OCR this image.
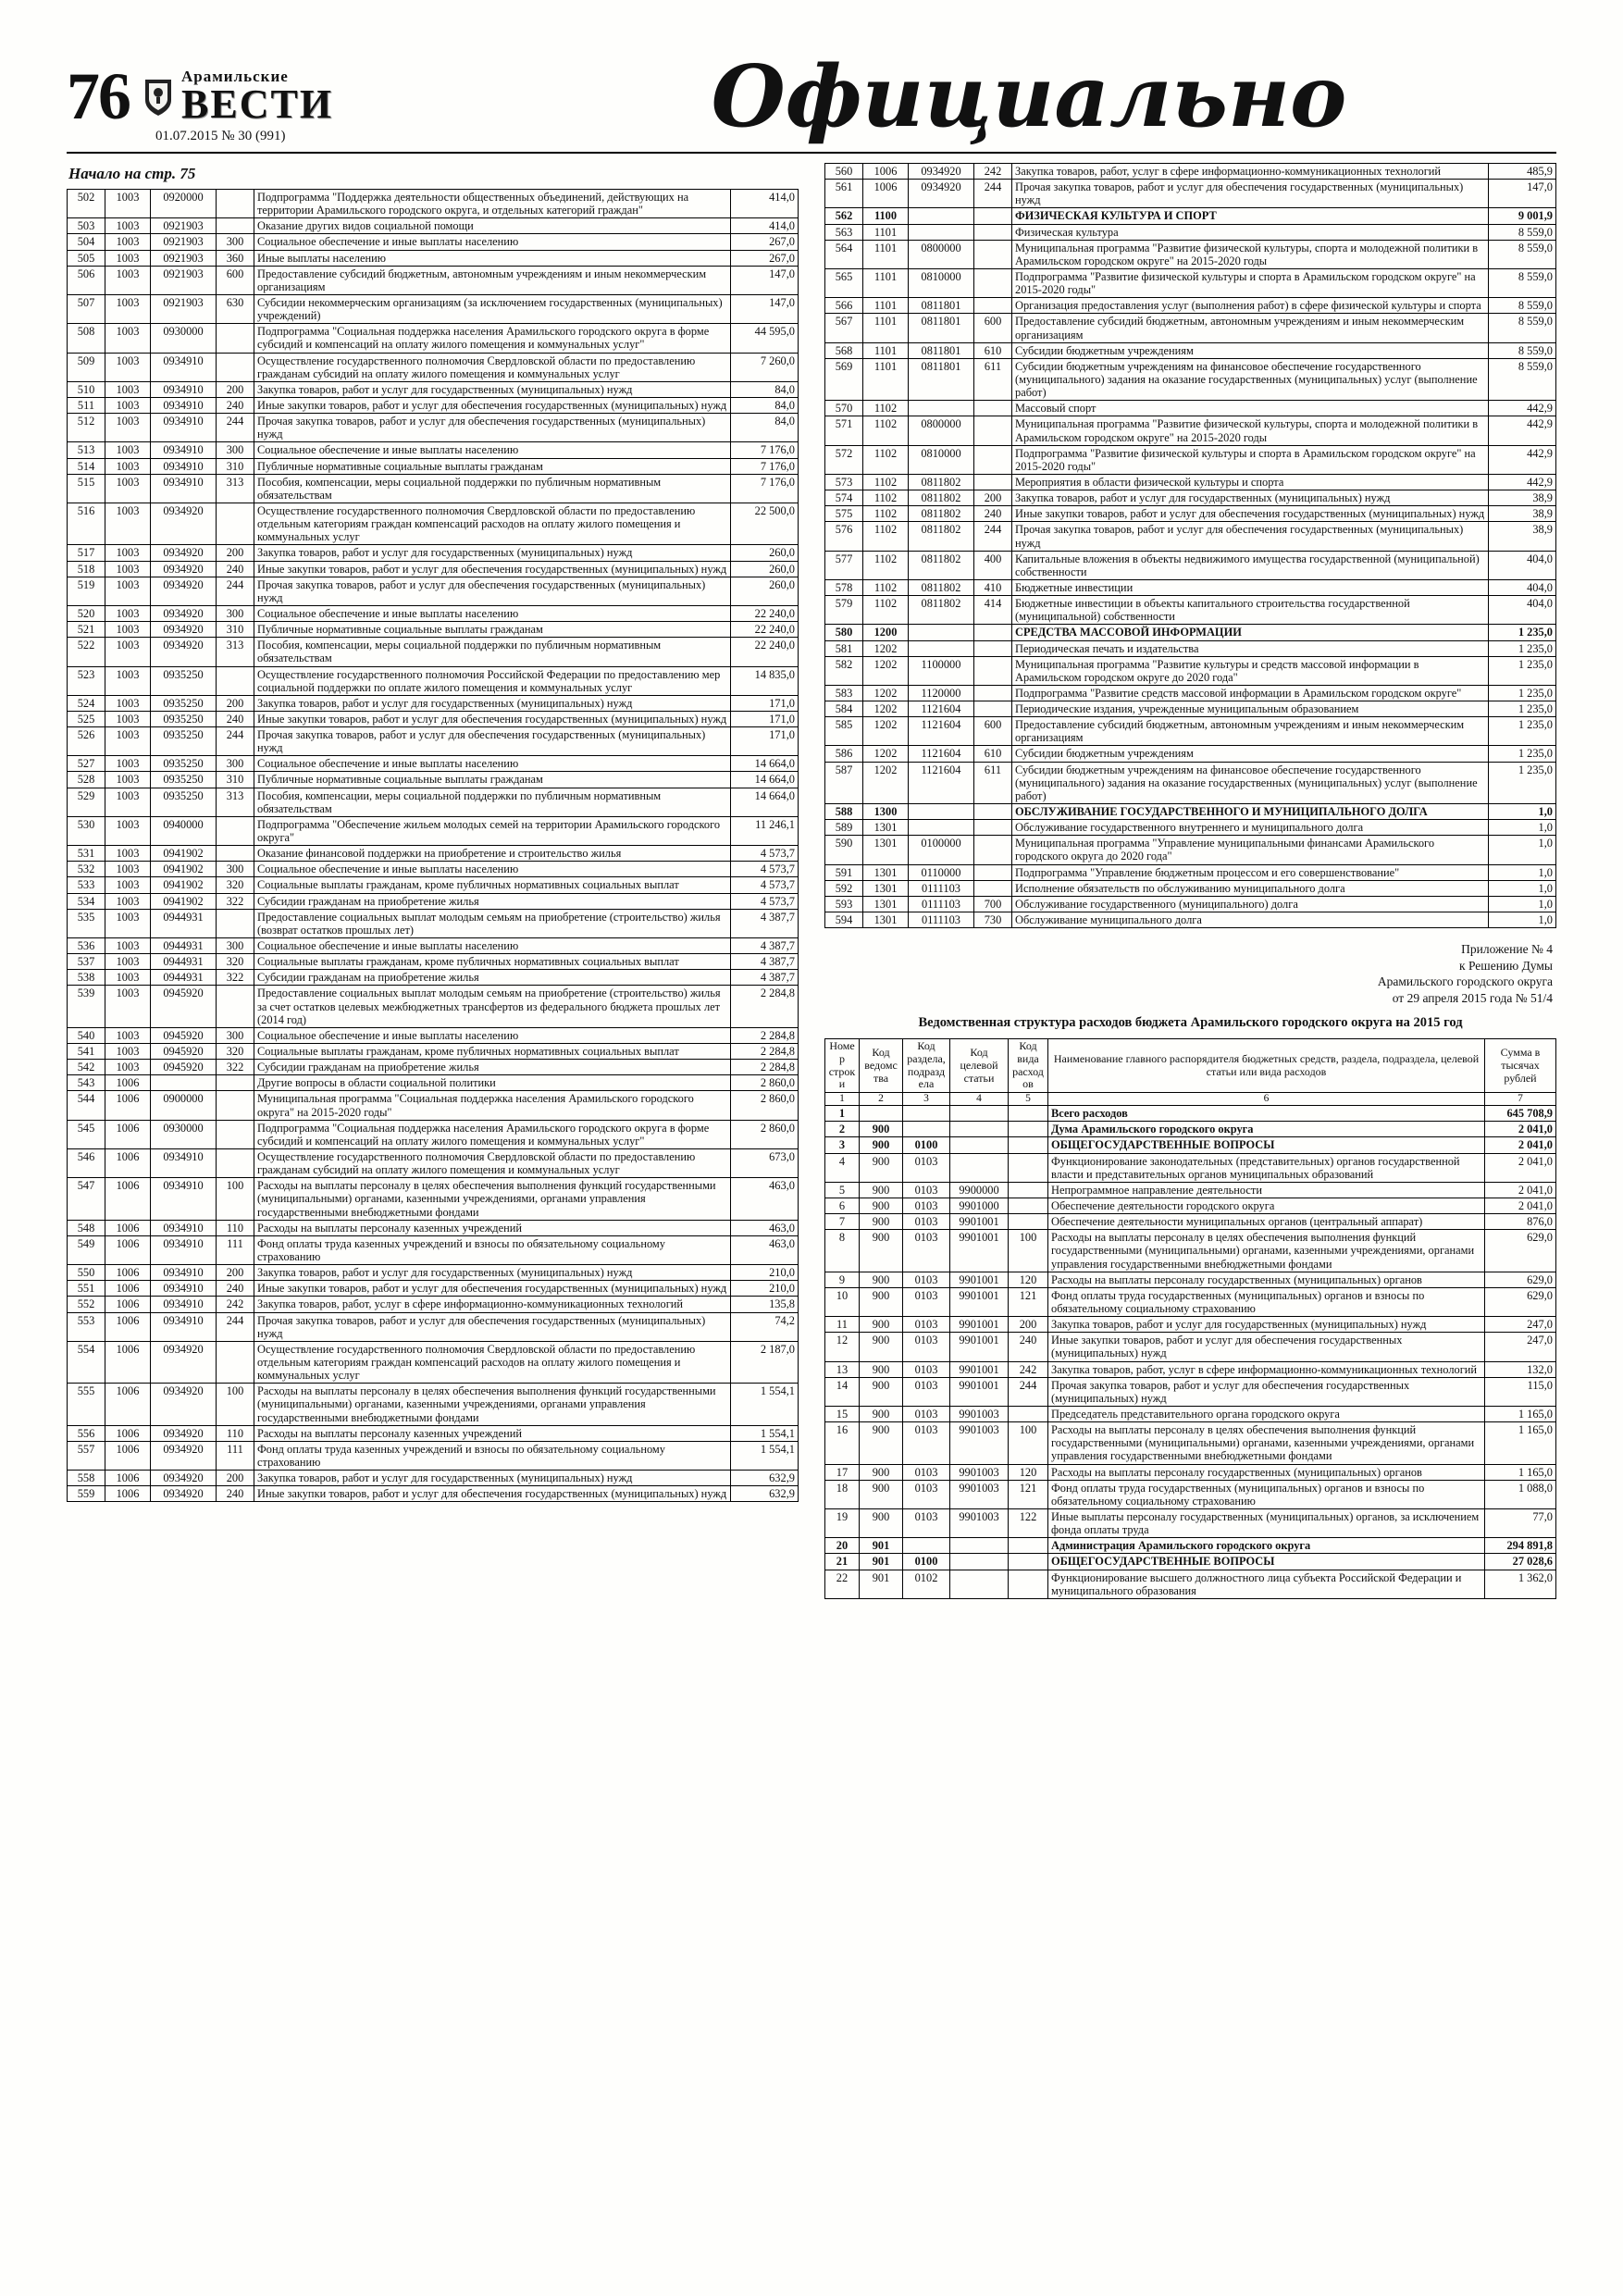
76	Арамильские
ВЕСТИ
01.07.2015 № 30 (991)	Официально
Начало на стр. 75
502	1003	0920000		Подпрограмма "Поддержка деятельности общественных объединений, действующих на территории Арамильского городского округа, и отдельных категорий граждан"	414,0
503	1003	0921903		Оказание других видов социальной помощи	414,0
504	1003	0921903	300	Социальное обеспечение и иные выплаты населению	267,0
505	1003	0921903	360	Иные выплаты населению	267,0
506	1003	0921903	600	Предоставление субсидий бюджетным, автономным учреждениям и иным некоммерческим организациям	147,0
507	1003	0921903	630	Субсидии некоммерческим организациям (за исключением государственных (муниципальных) учреждений)	147,0
508	1003	0930000		Подпрограмма "Социальная поддержка населения Арамильского городского округа в форме субсидий и компенсаций на оплату жилого помещения и коммунальных услуг"	44 595,0
509	1003	0934910		Осуществление государственного полномочия Свердловской области по предоставлению гражданам субсидий на оплату жилого помещения и коммунальных услуг	7 260,0
510	1003	0934910	200	Закупка товаров, работ и услуг для государственных (муниципальных) нужд	84,0
511	1003	0934910	240	Иные закупки товаров, работ и услуг для обеспечения государственных (муниципальных) нужд	84,0
512	1003	0934910	244	Прочая закупка товаров, работ и услуг для обеспечения государственных (муниципальных) нужд	84,0
513	1003	0934910	300	Социальное обеспечение и иные выплаты населению	7 176,0
514	1003	0934910	310	Публичные нормативные социальные выплаты гражданам	7 176,0
515	1003	0934910	313	Пособия, компенсации, меры социальной поддержки по публичным нормативным обязательствам	7 176,0
516	1003	0934920		Осуществление государственного полномочия Свердловской области по предоставлению отдельным категориям граждан компенсаций расходов на оплату жилого помещения и коммунальных услуг	22 500,0
517	1003	0934920	200	Закупка товаров, работ и услуг для государственных (муниципальных) нужд	260,0
518	1003	0934920	240	Иные закупки товаров, работ и услуг для обеспечения государственных (муниципальных) нужд	260,0
519	1003	0934920	244	Прочая закупка товаров, работ и услуг для обеспечения государственных (муниципальных) нужд	260,0
520	1003	0934920	300	Социальное обеспечение и иные выплаты населению	22 240,0
521	1003	0934920	310	Публичные нормативные социальные выплаты гражданам	22 240,0
522	1003	0934920	313	Пособия, компенсации, меры социальной поддержки по публичным нормативным обязательствам	22 240,0
523	1003	0935250		Осуществление государственного полномочия Российской Федерации по предоставлению мер социальной поддержки по оплате жилого помещения и коммунальных услуг	14 835,0
524	1003	0935250	200	Закупка товаров, работ и услуг для государственных (муниципальных) нужд	171,0
525	1003	0935250	240	Иные закупки товаров, работ и услуг для обеспечения государственных (муниципальных) нужд	171,0
526	1003	0935250	244	Прочая закупка товаров, работ и услуг для обеспечения государственных (муниципальных) нужд	171,0
527	1003	0935250	300	Социальное обеспечение и иные выплаты населению	14 664,0
528	1003	0935250	310	Публичные нормативные социальные выплаты гражданам	14 664,0
529	1003	0935250	313	Пособия, компенсации, меры социальной поддержки по публичным нормативным обязательствам	14 664,0
530	1003	0940000		Подпрограмма "Обеспечение жильем молодых семей на территории Арамильского городского округа"	11 246,1
531	1003	0941902		Оказание финансовой поддержки на приобретение и строительство жилья	4 573,7
532	1003	0941902	300	Социальное обеспечение и иные выплаты населению	4 573,7
533	1003	0941902	320	Социальные выплаты гражданам, кроме публичных нормативных социальных выплат	4 573,7
534	1003	0941902	322	Субсидии гражданам на приобретение жилья	4 573,7
535	1003	0944931		Предоставление социальных выплат молодым семьям на приобретение (строительство) жилья (возврат остатков прошлых лет)	4 387,7
536	1003	0944931	300	Социальное обеспечение и иные выплаты населению	4 387,7
537	1003	0944931	320	Социальные выплаты гражданам, кроме публичных нормативных социальных выплат	4 387,7
538	1003	0944931	322	Субсидии гражданам на приобретение жилья	4 387,7
539	1003	0945920		Предоставление социальных выплат молодым семьям на приобретение (строительство) жилья за счет остатков целевых межбюджетных трансфертов из федерального бюджета прошлых лет (2014 год)	2 284,8
540	1003	0945920	300	Социальное обеспечение и иные выплаты населению	2 284,8
541	1003	0945920	320	Социальные выплаты гражданам, кроме публичных нормативных социальных выплат	2 284,8
542	1003	0945920	322	Субсидии гражданам на приобретение жилья	2 284,8
543	1006			Другие вопросы в области социальной политики	2 860,0
544	1006	0900000		Муниципальная программа "Социальная поддержка населения Арамильского городского округа" на 2015-2020 годы"	2 860,0
545	1006	0930000		Подпрограмма "Социальная поддержка населения Арамильского городского округа в форме субсидий и компенсаций на оплату жилого помещения и коммунальных услуг"	2 860,0
546	1006	0934910		Осуществление государственного полномочия Свердловской области по предоставлению гражданам субсидий на оплату жилого помещения и коммунальных услуг	673,0
547	1006	0934910	100	Расходы на выплаты персоналу в целях обеспечения выполнения функций государственными (муниципальными) органами, казенными учреждениями, органами управления государственными внебюджетными фондами	463,0
548	1006	0934910	110	Расходы на выплаты персоналу казенных учреждений	463,0
549	1006	0934910	111	Фонд оплаты труда казенных учреждений и взносы по обязательному социальному страхованию	463,0
550	1006	0934910	200	Закупка товаров, работ и услуг для государственных (муниципальных) нужд	210,0
551	1006	0934910	240	Иные закупки товаров, работ и услуг для обеспечения государственных (муниципальных) нужд	210,0
552	1006	0934910	242	Закупка товаров, работ, услуг в сфере информационно-коммуникационных технологий	135,8
553	1006	0934910	244	Прочая закупка товаров, работ и услуг для обеспечения государственных (муниципальных) нужд	74,2
554	1006	0934920		Осуществление государственного полномочия Свердловской области по предоставлению отдельным категориям граждан компенсаций расходов на оплату жилого помещения и коммунальных услуг	2 187,0
555	1006	0934920	100	Расходы на выплаты персоналу в целях обеспечения выполнения функций государственными (муниципальными) органами, казенными учреждениями, органами управления государственными внебюджетными фондами	1 554,1
556	1006	0934920	110	Расходы на выплаты персоналу казенных учреждений	1 554,1
557	1006	0934920	111	Фонд оплаты труда казенных учреждений и взносы по обязательному социальному страхованию	1 554,1
558	1006	0934920	200	Закупка товаров, работ и услуг для государственных (муниципальных) нужд	632,9
559	1006	0934920	240	Иные закупки товаров, работ и услуг для обеспечения государственных (муниципальных) нужд	632,9
560	1006	0934920	242	Закупка товаров, работ, услуг в сфере информационно-коммуникационных технологий	485,9
561	1006	0934920	244	Прочая закупка товаров, работ и услуг для обеспечения государственных (муниципальных) нужд	147,0
562	1100			ФИЗИЧЕСКАЯ КУЛЬТУРА И СПОРТ	9 001,9
563	1101			Физическая культура	8 559,0
564	1101	0800000		Муниципальная программа "Развитие физической культуры, спорта и молодежной политики в Арамильском городском округе" на 2015-2020 годы	8 559,0
565	1101	0810000		Подпрограмма "Развитие физической культуры и спорта в Арамильском городском округе" на 2015-2020 годы"	8 559,0
566	1101	0811801		Организация предоставления услуг (выполнения работ) в сфере физической культуры и спорта	8 559,0
567	1101	0811801	600	Предоставление субсидий бюджетным, автономным учреждениям и иным некоммерческим организациям	8 559,0
568	1101	0811801	610	Субсидии бюджетным учреждениям	8 559,0
569	1101	0811801	611	Субсидии бюджетным учреждениям на финансовое обеспечение государственного (муниципального) задания на оказание государственных (муниципальных) услуг (выполнение работ)	8 559,0
570	1102			Массовый спорт	442,9
571	1102	0800000		Муниципальная программа "Развитие физической культуры, спорта и молодежной политики в Арамильском городском округе" на 2015-2020 годы	442,9
572	1102	0810000		Подпрограмма "Развитие физической культуры и спорта в Арамильском городском округе" на 2015-2020 годы"	442,9
573	1102	0811802		Мероприятия в области физической культуры и спорта	442,9
574	1102	0811802	200	Закупка товаров, работ и услуг для государственных (муниципальных) нужд	38,9
575	1102	0811802	240	Иные закупки товаров, работ и услуг для обеспечения государственных (муниципальных) нужд	38,9
576	1102	0811802	244	Прочая закупка товаров, работ и услуг для обеспечения государственных (муниципальных) нужд	38,9
577	1102	0811802	400	Капитальные вложения в объекты недвижимого имущества государственной (муниципальной) собственности	404,0
578	1102	0811802	410	Бюджетные инвестиции	404,0
579	1102	0811802	414	Бюджетные инвестиции в объекты капитального строительства государственной (муниципальной) собственности	404,0
580	1200			СРЕДСТВА МАССОВОЙ ИНФОРМАЦИИ	1 235,0
581	1202			Периодическая печать и издательства	1 235,0
582	1202	1100000		Муниципальная программа "Развитие культуры и средств массовой информации в Арамильском городском округе до 2020 года"	1 235,0
583	1202	1120000		Подпрограмма "Развитие средств массовой информации в Арамильском городском округе"	1 235,0
584	1202	1121604		Периодические издания, учрежденные муниципальным образованием	1 235,0
585	1202	1121604	600	Предоставление субсидий бюджетным, автономным учреждениям и иным некоммерческим организациям	1 235,0
586	1202	1121604	610	Субсидии бюджетным учреждениям	1 235,0
587	1202	1121604	611	Субсидии бюджетным учреждениям на финансовое обеспечение государственного (муниципального) задания на оказание государственных (муниципальных) услуг (выполнение работ)	1 235,0
588	1300			ОБСЛУЖИВАНИЕ ГОСУДАРСТВЕННОГО И МУНИЦИПАЛЬНОГО ДОЛГА	1,0
589	1301			Обслуживание государственного внутреннего и муниципального долга	1,0
590	1301	0100000		Муниципальная программа "Управление муниципальными финансами Арамильского городского округа до 2020 года"	1,0
591	1301	0110000		Подпрограмма "Управление бюджетным процессом и его совершенствование"	1,0
592	1301	0111103		Исполнение обязательств по обслуживанию муниципального долга	1,0
593	1301	0111103	700	Обслуживание государственного (муниципального) долга	1,0
594	1301	0111103	730	Обслуживание муниципального долга	1,0
Приложение № 4
к Решению Думы
Арамильского городского округа
от 29 апреля 2015 года № 51/4
Ведомственная структура расходов бюджета Арамильского городского округа на 2015 год
Номер строки	Код ведомства	Код раздела, подраздела	Код целевой статьи	Код вида расходов	Наименование главного распорядителя бюджетных средств, раздела, подраздела, целевой статьи или вида расходов	Сумма в тысячах рублей
1	2	3	4	5	6	7
1					Всего расходов	645 708,9
2	900				Дума Арамильского городского округа	2 041,0
3	900	0100			ОБЩЕГОСУДАРСТВЕННЫЕ ВОПРОСЫ	2 041,0
4	900	0103			Функционирование законодательных (представительных) органов государственной власти и представительных органов муниципальных образований	2 041,0
5	900	0103	9900000		Непрограммное направление деятельности	2 041,0
6	900	0103	9901000		Обеспечение деятельности городского округа	2 041,0
7	900	0103	9901001		Обеспечение деятельности муниципальных органов (центральный аппарат)	876,0
8	900	0103	9901001	100	Расходы на выплаты персоналу в целях обеспечения выполнения функций государственными (муниципальными) органами, казенными учреждениями, органами управления государственными внебюджетными фондами	629,0
9	900	0103	9901001	120	Расходы на выплаты персоналу государственных (муниципальных) органов	629,0
10	900	0103	9901001	121	Фонд оплаты труда государственных (муниципальных) органов и взносы по обязательному социальному страхованию	629,0
11	900	0103	9901001	200	Закупка товаров, работ и услуг для государственных (муниципальных) нужд	247,0
12	900	0103	9901001	240	Иные закупки товаров, работ и услуг для обеспечения государственных (муниципальных) нужд	247,0
13	900	0103	9901001	242	Закупка товаров, работ, услуг в сфере информационно-коммуникационных технологий	132,0
14	900	0103	9901001	244	Прочая закупка товаров, работ и услуг для обеспечения государственных (муниципальных) нужд	115,0
15	900	0103	9901003		Председатель представительного органа городского округа	1 165,0
16	900	0103	9901003	100	Расходы на выплаты персоналу в целях обеспечения выполнения функций государственными (муниципальными) органами, казенными учреждениями, органами управления государственными внебюджетными фондами	1 165,0
17	900	0103	9901003	120	Расходы на выплаты персоналу государственных (муниципальных) органов	1 165,0
18	900	0103	9901003	121	Фонд оплаты труда государственных (муниципальных) органов и взносы по обязательному социальному страхованию	1 088,0
19	900	0103	9901003	122	Иные выплаты персоналу государственных (муниципальных) органов, за исключением фонда оплаты труда	77,0
20	901				Администрация Арамильского городского округа	294 891,8
21	901	0100			ОБЩЕГОСУДАРСТВЕННЫЕ ВОПРОСЫ	27 028,6
22	901	0102			Функционирование высшего должностного лица субъекта Российской Федерации и муниципального образования	1 362,0
